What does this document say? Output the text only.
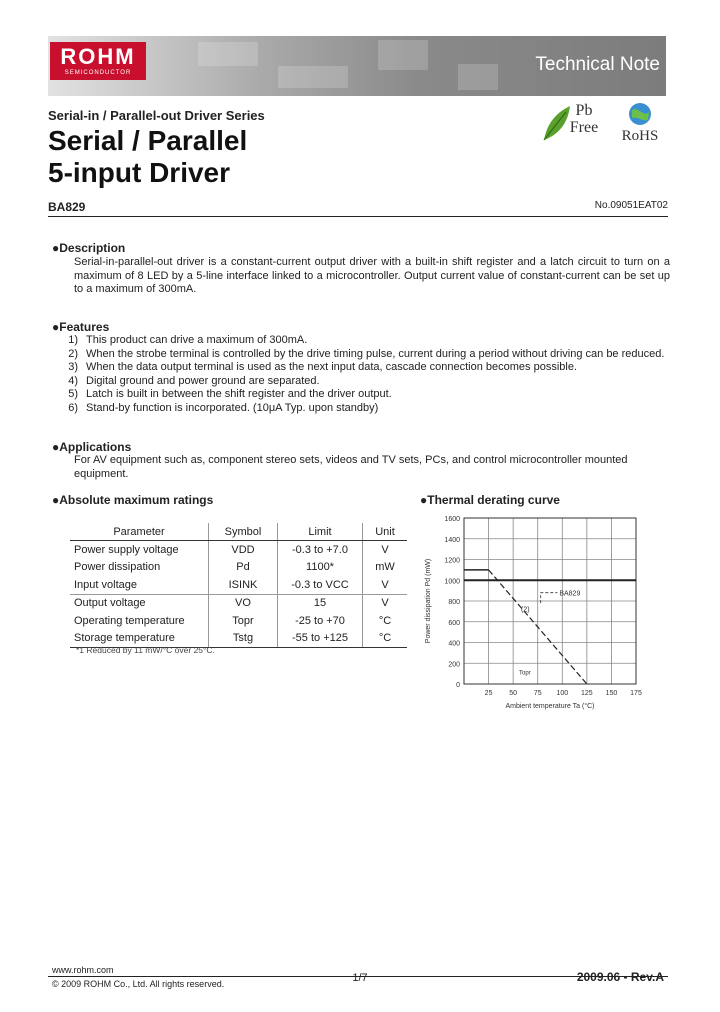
ROHM
SEMICONDUCTOR	Technical Note
Serial-in / Parallel-out Driver Series
Serial / Parallel
5-input Driver
Pb Free	RoHS
BA829	No.09051EAT02
●Description
Serial-in-parallel-out driver is a constant-current output driver with a built-in shift register and a latch circuit to turn on a maximum of 8 LED by a 5-line interface linked to a microcontroller. Output current value of constant-current can be set up to a maximum of 300mA.
●Features
1) This product can drive a maximum of 300mA.
2) When the strobe terminal is controlled by the drive timing pulse, current during a period without driving can be reduced.
3) When the data output terminal is used as the next input data, cascade connection becomes possible.
4) Digital ground and power ground are separated.
5) Latch is built in between the shift register and the driver output.
6) Stand-by function is incorporated. (10μA Typ. upon standby)
●Applications
For AV equipment such as, component stereo sets, videos and TV sets, PCs, and control microcontroller mounted equipment.
●Absolute maximum ratings
Parameter	Symbol	Limit	Unit
Power supply voltage	VDD	-0.3 to +7.0	V
Power dissipation	Pd	1100*	mW
Input voltage	ISINK	-0.3 to VCC	V
Output voltage	VO	15	V
Operating temperature	Topr	-25 to +70	°C
Storage temperature	Tstg	-55 to +125	°C
*1 Reduced by 11 mW/°C over 25°C.
●Thermal derating curve
0
200
400
600
800
1000
1200
1400
1600
25 50 75 100 125 150 175
BA829
(2)
Topr
Ambient temperature Ta (°C)
Power dissipation Pd (mW)
www.rohm.com
© 2009 ROHM Co., Ltd. All rights reserved.	1/7	2009.06 - Rev.A
